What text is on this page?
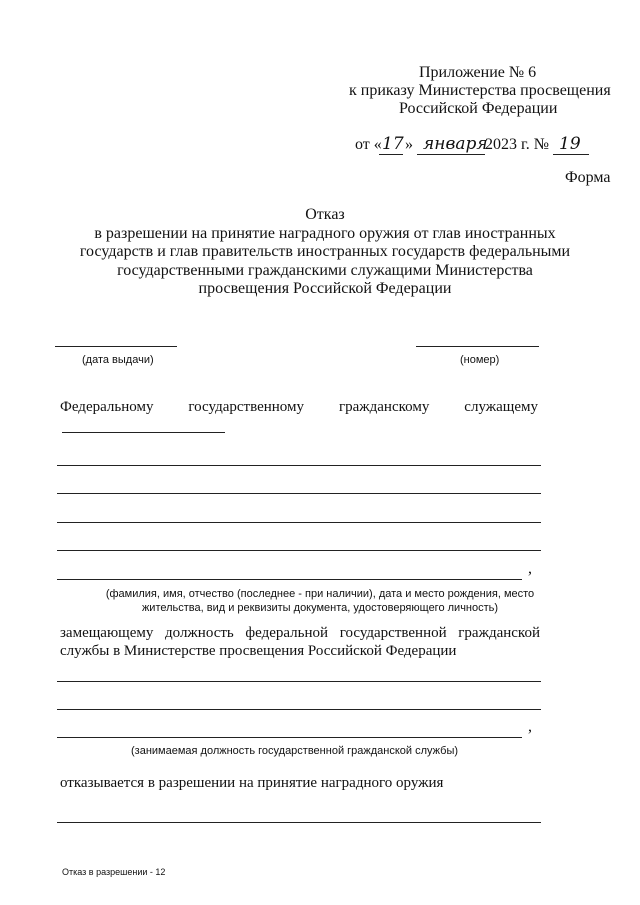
Приложение № 6
к приказу Министерства просвещения
Российской Федерации
от « 17 » января
2023 г. № 19
Форма
Отказ
в разрешении на принятие наградного оружия от глав иностранных
государств и глав правительств иностранных государств федеральными
государственными гражданскими служащими Министерства
просвещения Российской Федерации
(дата выдачи)	(номер)
Федеральному государственному гражданскому служащему
,
(фамилия, имя, отчество (последнее - при наличии), дата и место рождения, место
жительства, вид и реквизиты документа, удостоверяющего личность)
замещающему должность федеральной государственной гражданской
службы в Министерстве просвещения Российской Федерации
,
(занимаемая должность государственной гражданской службы)
отказывается в разрешении на принятие наградного оружия
Отказ в разрешении - 12
